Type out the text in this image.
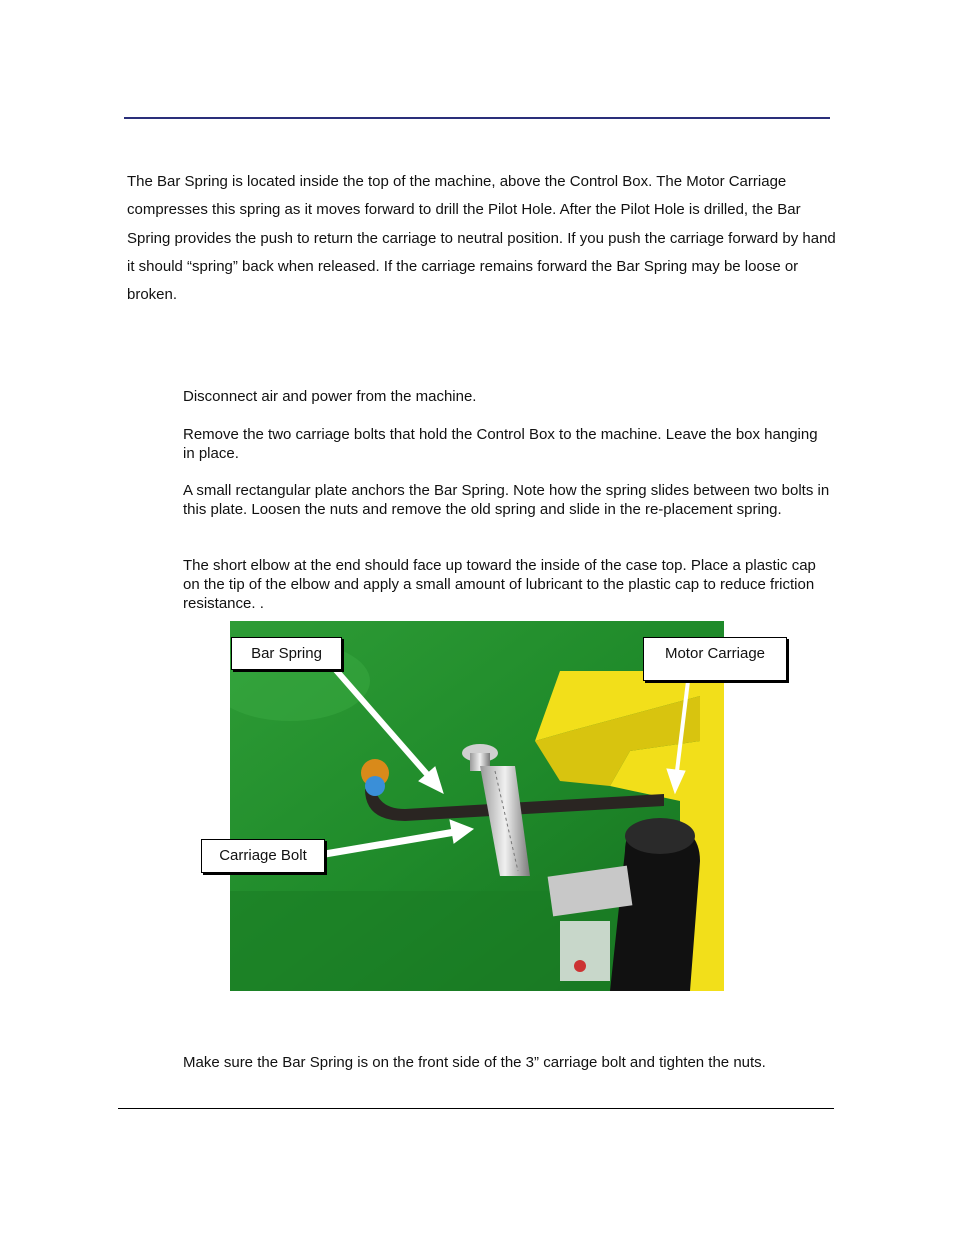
The Bar Spring is located inside the top of the machine, above the Control Box. The Motor Carriage compresses this spring as it moves forward to drill the Pilot Hole. After the Pilot Hole is drilled, the Bar Spring provides the push to return the carriage to neutral position. If you push the carriage forward by hand it should “spring” back when released. If the carriage remains forward the Bar Spring may be loose or broken.

Disconnect air and power from the machine.

Remove the two carriage bolts that hold the Control Box to the machine. Leave the box hanging in place.

A small rectangular plate anchors the Bar Spring. Note how the spring slides between two bolts in this plate. Loosen the nuts and remove the old spring and slide in the re-placement spring.

The short elbow at the end should face up toward the inside of the case top. Place a plastic cap on the tip of the elbow and apply a small amount of lubricant to the plastic cap to reduce friction resistance. .

Bar Spring	Motor Carriage
Carriage Bolt

Make sure the Bar Spring is on the front side of the 3” carriage bolt and tighten the nuts.
